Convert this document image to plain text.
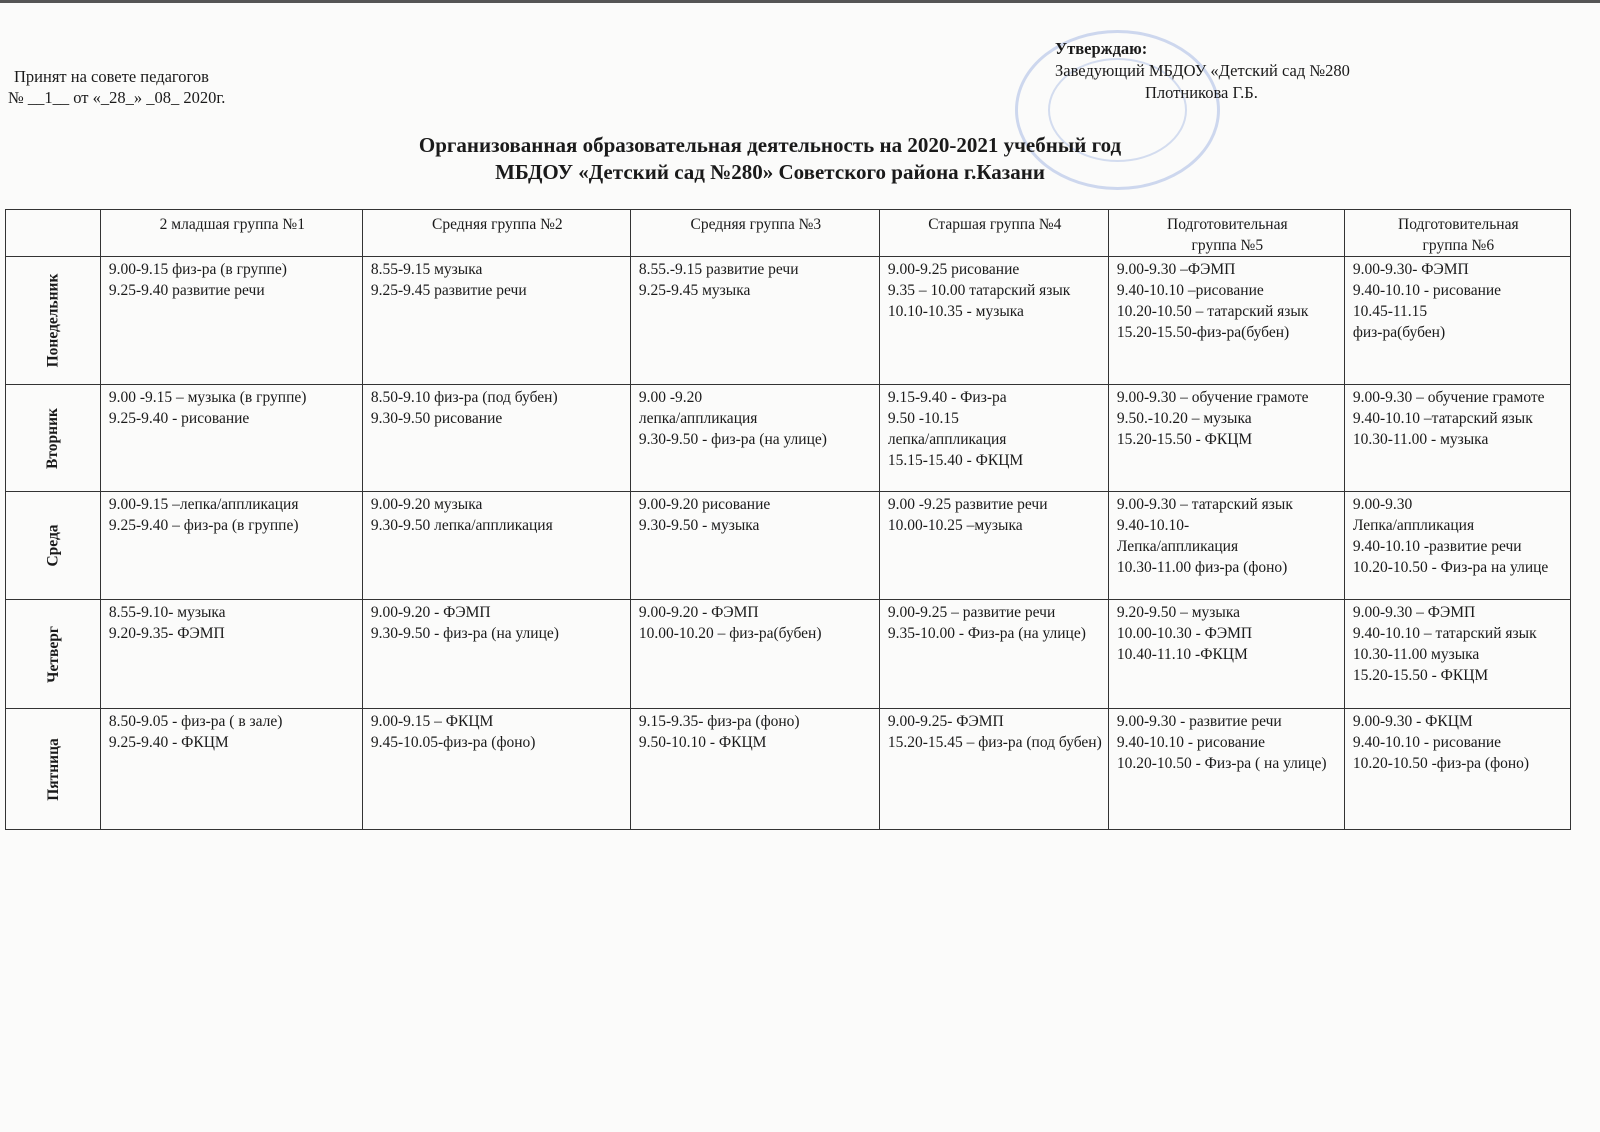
Принят на совете педагогов
№ __1__ от «_28_» _08_ 2020г.
Утверждаю:
Заведующий МБДОУ «Детский сад №280
Плотникова Г.Б.
Организованная образовательная деятельность на 2020-2021 учебный год
МБДОУ «Детский сад №280» Советского района г.Казани
	2 младшая группа №1	Средняя группа №2	Средняя группа №3	Старшая группа №4	Подготовительная
группа №5	Подготовительная
группа №6
Понедельник	9.00-9.15 физ-ра (в группе)
9.25-9.40 развитие речи	8.55-9.15 музыка
9.25-9.45 развитие речи	8.55.-9.15 развитие речи
9.25-9.45 музыка	9.00-9.25 рисование
9.35 – 10.00 татарский язык
10.10-10.35 - музыка	9.00-9.30 –ФЭМП
9.40-10.10 –рисование
10.20-10.50 – татарский язык
15.20-15.50-физ-ра(бубен)	9.00-9.30- ФЭМП
9.40-10.10 - рисование
10.45-11.15
физ-ра(бубен)
Вторник	9.00 -9.15 – музыка (в группе)
9.25-9.40 - рисование	8.50-9.10 физ-ра (под бубен)
9.30-9.50 рисование	9.00 -9.20
лепка/аппликация
9.30-9.50 - физ-ра (на улице)	9.15-9.40 - Физ-ра
9.50 -10.15
лепка/аппликация
15.15-15.40 - ФКЦМ	9.00-9.30 – обучение грамоте
9.50.-10.20 – музыка
15.20-15.50 - ФКЦМ	9.00-9.30 – обучение грамоте
9.40-10.10 –татарский язык
10.30-11.00 - музыка
Среда	9.00-9.15 –лепка/аппликация
9.25-9.40 – физ-ра (в группе)	9.00-9.20 музыка
9.30-9.50 лепка/аппликация	9.00-9.20 рисование
9.30-9.50 - музыка	9.00 -9.25 развитие речи
10.00-10.25 –музыка	9.00-9.30 – татарский язык
9.40-10.10-
Лепка/аппликация
10.30-11.00 физ-ра (фоно)	9.00-9.30
Лепка/аппликация
9.40-10.10 -развитие речи
10.20-10.50 - Физ-ра на улице
Четверг	8.55-9.10- музыка
9.20-9.35- ФЭМП	9.00-9.20 - ФЭМП
9.30-9.50 - физ-ра (на улице)	9.00-9.20 - ФЭМП
10.00-10.20 – физ-ра(бубен)	9.00-9.25 – развитие речи
9.35-10.00 - Физ-ра (на улице)	9.20-9.50 – музыка
10.00-10.30 - ФЭМП
10.40-11.10 -ФКЦМ	9.00-9.30 – ФЭМП
9.40-10.10 – татарский язык
10.30-11.00 музыка
15.20-15.50 - ФКЦМ
Пятница	8.50-9.05 - физ-ра ( в зале)
9.25-9.40 - ФКЦМ	9.00-9.15 – ФКЦМ
9.45-10.05-физ-ра (фоно)	9.15-9.35- физ-ра (фоно)
9.50-10.10 - ФКЦМ	9.00-9.25- ФЭМП
15.20-15.45 – физ-ра (под бубен)	9.00-9.30 - развитие речи
9.40-10.10 - рисование
10.20-10.50 - Физ-ра ( на улице)	9.00-9.30 - ФКЦМ
9.40-10.10 - рисование
10.20-10.50 -физ-ра (фоно)
